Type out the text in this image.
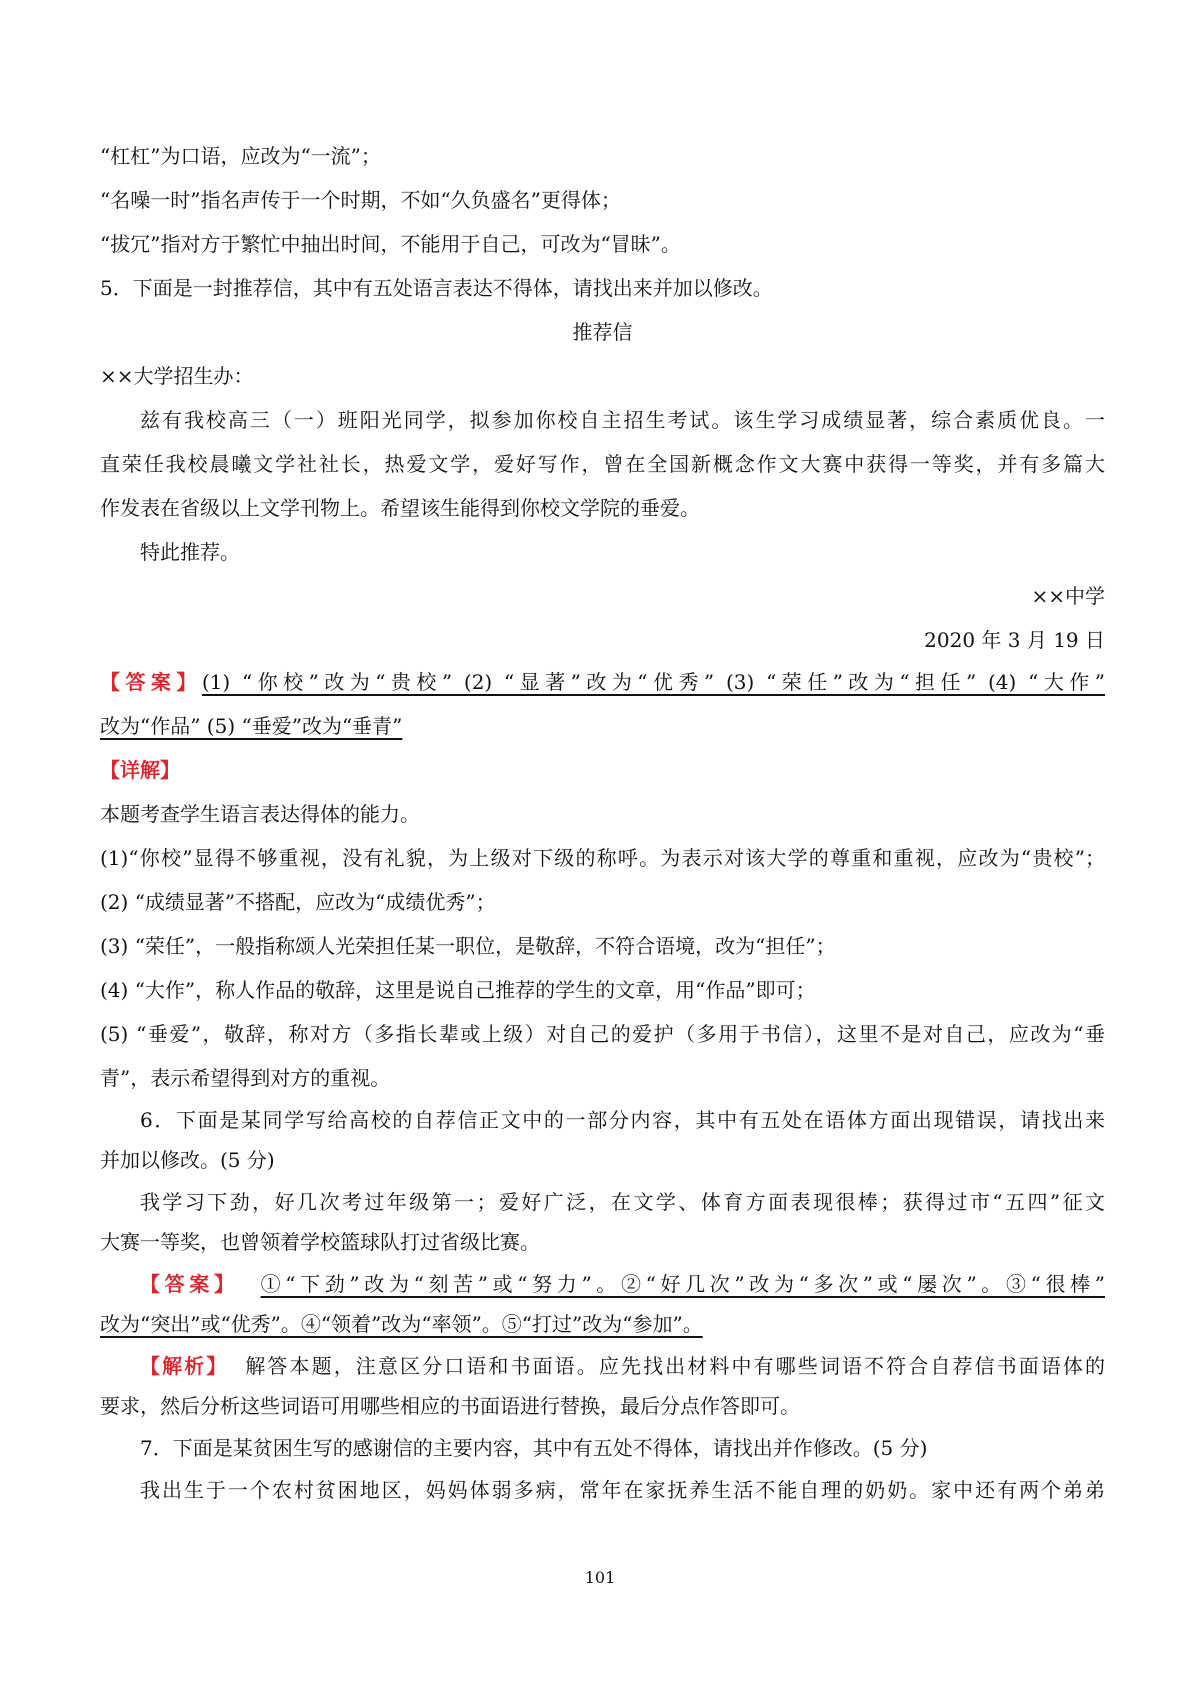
“杠杠”为口语，应改为“一流”；
“名噪一时”指名声传于一个时期，不如“久负盛名”更得体；
“拔冗”指对方于繁忙中抽出时间，不能用于自己，可改为“冒昧”。
5．下面是一封推荐信，其中有五处语言表达不得体，请找出来并加以修改。
推荐信
××大学招生办：
兹有我校高三（一）班阳光同学，拟参加你校自主招生考试。该生学习成绩显著，综合素质优良。一
直荣任我校晨曦文学社社长，热爱文学，爱好写作，曾在全国新概念作文大赛中获得一等奖，并有多篇大
作发表在省级以上文学刊物上。希望该生能得到你校文学院的垂爱。
特此推荐。
××中学
2020 年 3 月 19 日
【答案】(1) “你校”改为“贵校” (2) “显著”改为“优秀” (3) “荣任”改为“担任” (4) “大作”
改为“作品” (5) “垂爱”改为“垂青”
【详解】
本题考查学生语言表达得体的能力。
(1)“你校”显得不够重视，没有礼貌，为上级对下级的称呼。为表示对该大学的尊重和重视，应改为“贵校”；
(2) “成绩显著”不搭配，应改为“成绩优秀”；
(3) “荣任”，一般指称颂人光荣担任某一职位，是敬辞，不符合语境，改为“担任”；
(4) “大作”，称人作品的敬辞，这里是说自己推荐的学生的文章，用“作品”即可；
(5) “垂爱”，敬辞，称对方（多指长辈或上级）对自己的爱护（多用于书信），这里不是对自己，应改为“垂
青”，表示希望得到对方的重视。
6．下面是某同学写给高校的自荐信正文中的一部分内容，其中有五处在语体方面出现错误，请找出来
并加以修改。(5 分)
我学习下劲，好几次考过年级第一；爱好广泛，在文学、体育方面表现很棒；获得过市“五四”征文
大赛一等奖，也曾领着学校篮球队打过省级比赛。
【答案】 ①“下劲”改为“刻苦”或“努力”。②“好几次”改为“多次”或“屡次”。③“很棒”
改为“突出”或“优秀”。④“领着”改为“率领”。⑤“打过”改为“参加”。
【解析】 解答本题，注意区分口语和书面语。应先找出材料中有哪些词语不符合自荐信书面语体的
要求，然后分析这些词语可用哪些相应的书面语进行替换，最后分点作答即可。
7．下面是某贫困生写的感谢信的主要内容，其中有五处不得体，请找出并作修改。(5 分)
我出生于一个农村贫困地区，妈妈体弱多病，常年在家抚养生活不能自理的奶奶。家中还有两个弟弟
101
